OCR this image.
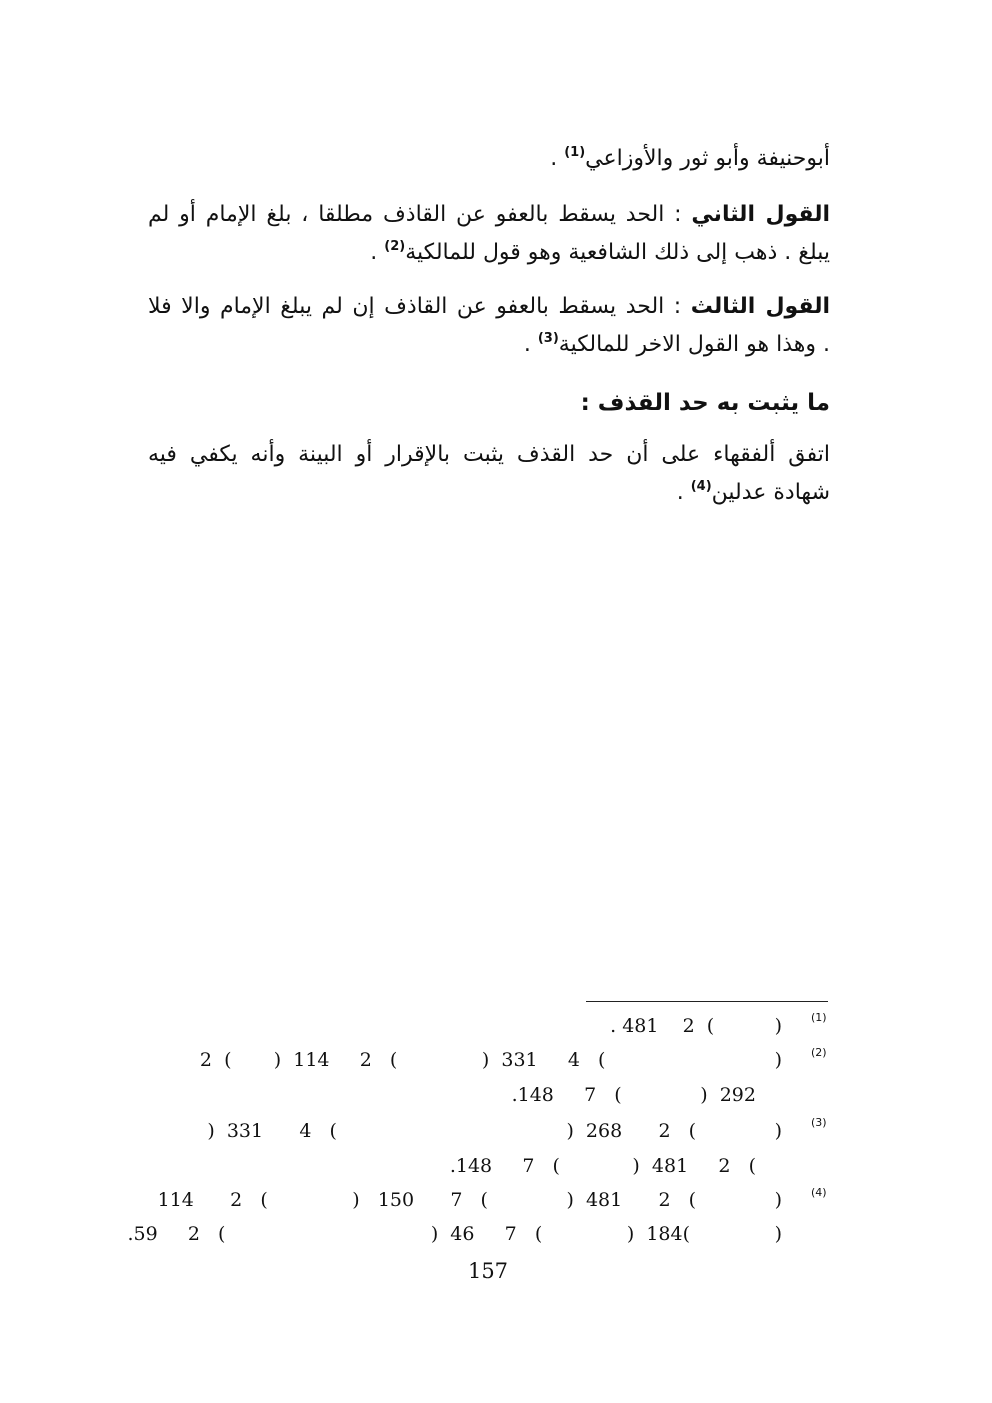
أبوحنيفة وأبو ثور والأوزاعي$^{(1)}$ .
القول الثاني : الحد يسقط بالعفو عن القاذف مطلقا ، بلغ الإمام أو لم
يبلغ . ذهب إلى ذلك الشافعية وهو قول للمالكية$^{(2)}$ .
القول الثالث : الحد يسقط بالعفو عن القاذف إن لم يبلغ الإمام والا فلا
. وهذا هو القول الاخر للمالكية$^{(3)}$ .
ما يثبت به حد القذف :
اتفق ألفقهاء على أن حد القذف يثبت بالإقرار أو البينة وأنه يكفي فيه
شهادة عدلين$^{(4)}$ .
(1)
. 481    2  (          )
(2)
2  (       )  114     2   (              )  331     4   (                            )
.148     7   (             )  292
(3)
)  331      4   (                                      )  268      2   (             )
.148     7   (            )  481     2   (
(4)
114      2   (              )   150      7   (             )  481      2   (             )
.59     2   (                                  )  46     7   (              )  184(              )
157
